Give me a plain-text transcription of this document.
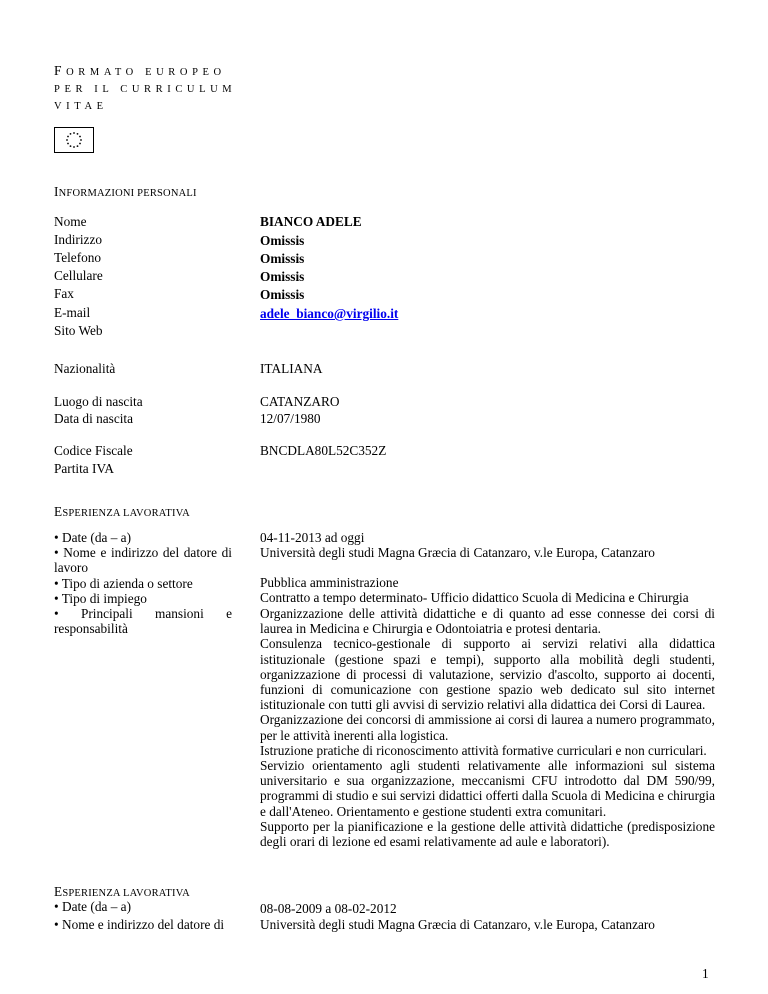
FORMATO EUROPEO
PER IL CURRICULUM
VITAE
INFORMAZIONI PERSONALI
Nome
Indirizzo
Telefono
Cellulare
Fax
E-mail
Sito Web
BIANCO ADELE
Omissis
Omissis
Omissis
Omissis
adele_bianco@virgilio.it
Nazionalità	ITALIANA
Luogo di nascita
Data di nascita
CATANZARO
12/07/1980
Codice Fiscale
Partita IVA
BNCDLA80L52C352Z
ESPERIENZA LAVORATIVA
• Date (da – a)
• Nome e indirizzo del datore di lavoro
• Tipo di azienda o settore
• Tipo di impiego
• Principali mansioni e responsabilità
04-11-2013 ad oggi
Università degli studi Magna Græcia di Catanzaro, v.le Europa, Catanzaro
Pubblica amministrazione
Contratto a tempo determinato- Ufficio didattico Scuola di Medicina e Chirurgia
Organizzazione delle attività didattiche e di quanto ad esse connesse dei corsi di laurea in Medicina e Chirurgia e Odontoiatria e protesi dentaria.
Consulenza tecnico-gestionale di supporto ai servizi relativi alla didattica istituzionale (gestione spazi e tempi), supporto alla mobilità degli studenti, organizzazione di processi di valutazione, servizio d'ascolto, supporto ai docenti, funzioni di comunicazione con gestione spazio web dedicato sul sito internet istituzionale con tutti gli avvisi di servizio relativi alla didattica dei Corsi di Laurea.
Organizzazione dei concorsi di ammissione ai corsi di laurea a numero programmato, per le attività inerenti alla logistica.
Istruzione pratiche di riconoscimento attività formative curriculari e non curriculari.
Servizio orientamento agli studenti relativamente alle informazioni sul sistema universitario e sua organizzazione, meccanismi CFU introdotto dal DM 590/99, programmi di studio e sui servizi didattici offerti dalla Scuola di Medicina e chirurgia e dall'Ateneo. Orientamento e gestione studenti extra comunitari.
Supporto per la pianificazione e la gestione delle attività didattiche (predisposizione degli orari di lezione ed esami relativamente ad aule e laboratori).
ESPERIENZA LAVORATIVA
• Date (da – a)
• Nome e indirizzo del datore di
08-08-2009 a 08-02-2012
Università degli studi Magna Græcia di Catanzaro, v.le Europa, Catanzaro
1
